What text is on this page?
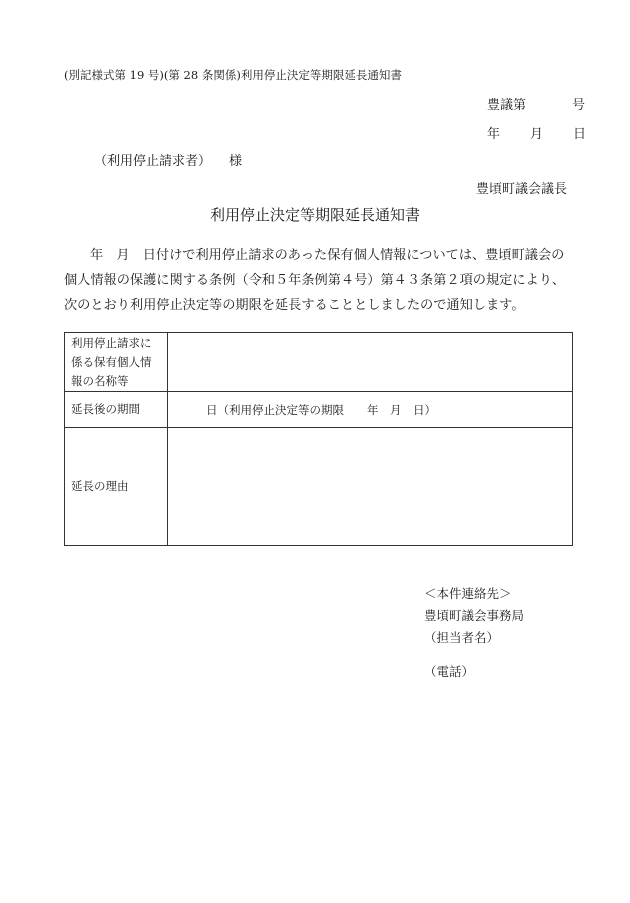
(別記様式第 19 号)(第 28 条関係)利用停止決定等期限延長通知書
豊議第	号
年 月 日
（利用停止請求者） 様
豊頃町議会議長
利用停止決定等期限延長通知書

年　月　日付けで利用停止請求のあった保有個人情報については、豊頃町議会の

個人情報の保護に関する条例（令和５年条例第４号）第４３条第２項の規定により、

次のとおり利用停止決定等の期限を延長することとしましたので通知します。

利用停止請求に係る保有個人情報の名称等	
延長後の期間	日（利用停止決定等の期限　　年　月　日）
延長の理由	
＜本件連絡先＞
豊頃町議会事務局
（担当者名）
（電話）
